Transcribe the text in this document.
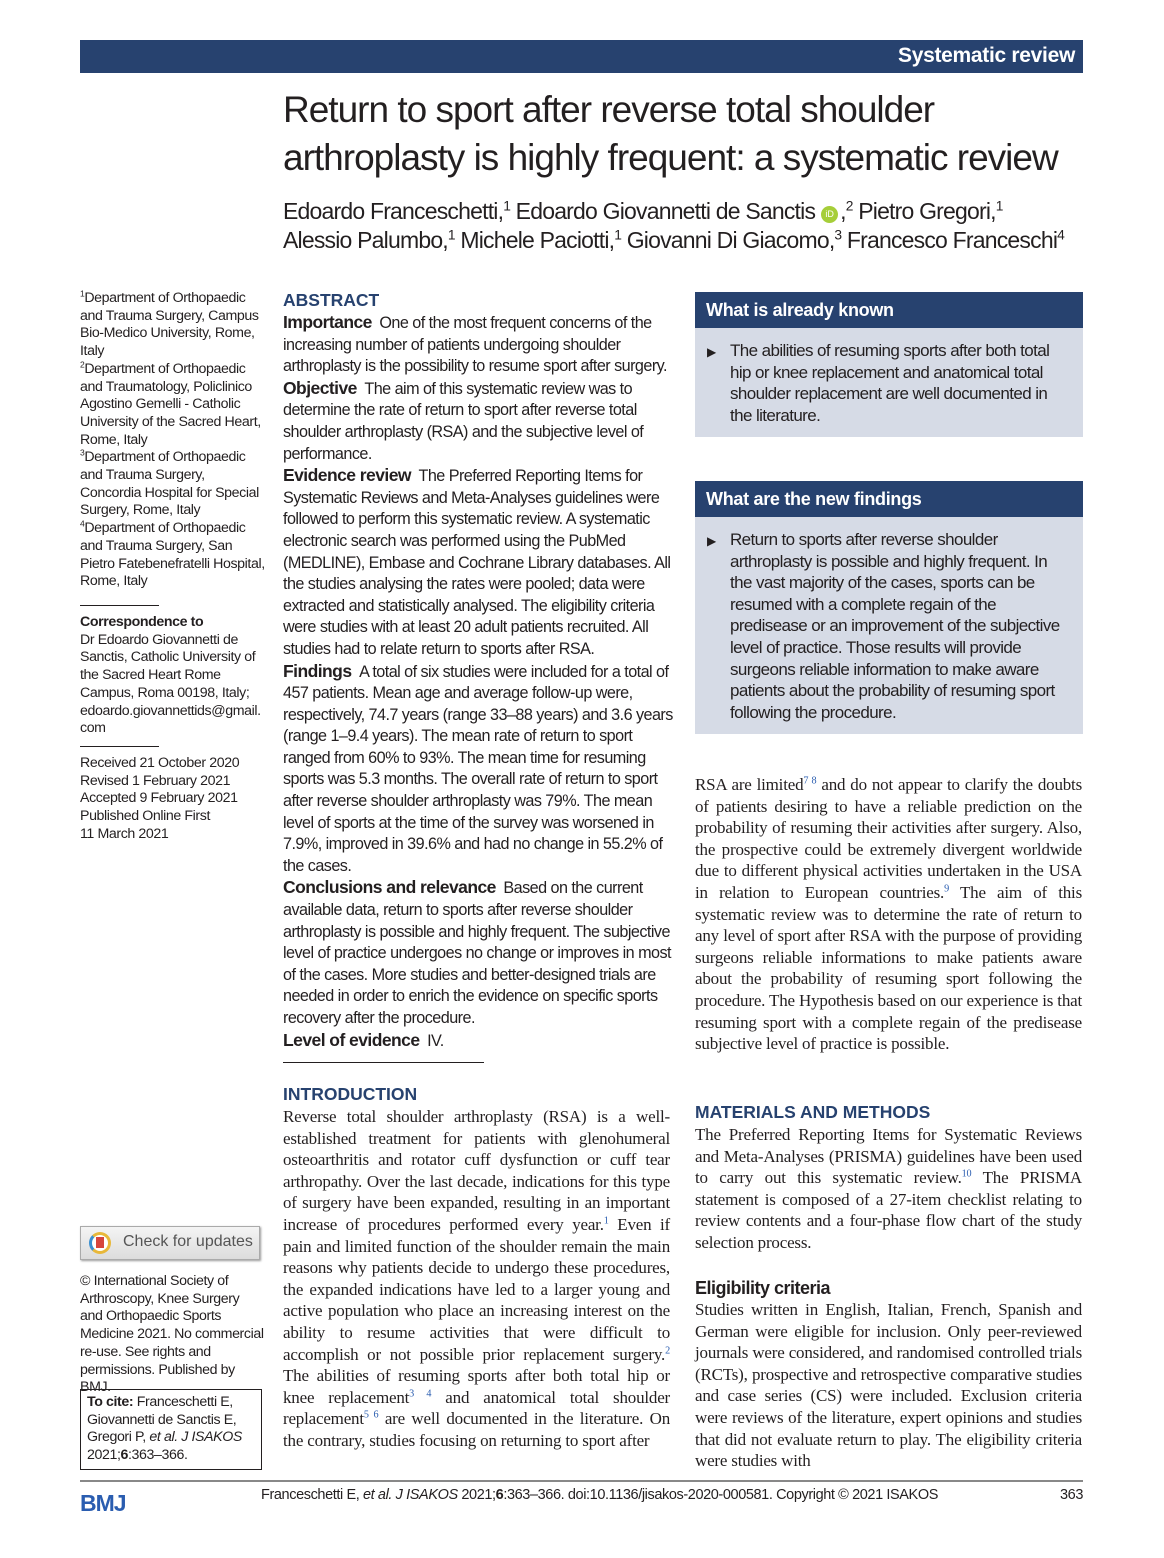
Systematic review
Return to sport after reverse total shoulder arthroplasty is highly frequent: a systematic review
Edoardo Franceschetti,$^1$ Edoardo Giovannetti de Sanctis iD ,$^2$ Pietro Gregori,$^1$
Alessio Palumbo,$^1$ Michele Paciotti,$^1$ Giovanni Di Giacomo,$^3$ Francesco Franceschi$^4$
$^1$Department of Orthopaedic and Trauma Surgery, Campus Bio-Medico University, Rome, Italy
$^2$Department of Orthopaedic and Traumatology, Policlinico Agostino Gemelli - Catholic University of the Sacred Heart, Rome, Italy
$^3$Department of Orthopaedic and Trauma Surgery, Concordia Hospital for Special Surgery, Rome, Italy
$^4$Department of Orthopaedic and Trauma Surgery, San Pietro Fatebenefratelli Hospital, Rome, Italy
Correspondence to
Dr Edoardo Giovannetti de Sanctis, Catholic University of the Sacred Heart Rome Campus, Roma 00198, Italy; edoardo.giovannettids@gmail.com
Received 21 October 2020
Revised 1 February 2021
Accepted 9 February 2021
Published Online First
11 March 2021
Check for updates
© International Society of Arthroscopy, Knee Surgery and Orthopaedic Sports Medicine 2021. No commercial re-use. See rights and permissions. Published by BMJ.
To cite: Franceschetti E, Giovannetti de Sanctis E, Gregori P, et al. J ISAKOS 2021;6:363–366.
ABSTRACT
Importance  One of the most frequent concerns of the increasing number of patients undergoing shoulder arthroplasty is the possibility to resume sport after surgery.
Objective  The aim of this systematic review was to determine the rate of return to sport after reverse total shoulder arthroplasty (RSA) and the subjective level of performance.
Evidence review  The Preferred Reporting Items for Systematic Reviews and Meta-Analyses guidelines were followed to perform this systematic review. A systematic electronic search was performed using the PubMed (MEDLINE), Embase and Cochrane Library databases. All the studies analysing the rates were pooled; data were extracted and statistically analysed. The eligibility criteria were studies with at least 20 adult patients recruited. All studies had to relate return to sports after RSA.
Findings  A total of six studies were included for a total of 457 patients. Mean age and average follow-up were, respectively, 74.7 years (range 33–88 years) and 3.6 years (range 1–9.4 years). The mean rate of return to sport ranged from 60% to 93%. The mean time for resuming sports was 5.3 months. The overall rate of return to sport after reverse shoulder arthroplasty was 79%. The mean level of sports at the time of the survey was worsened in 7.9%, improved in 39.6% and had no change in 55.2% of the cases.
Conclusions and relevance  Based on the current available data, return to sports after reverse shoulder arthroplasty is possible and highly frequent. The subjective level of practice undergoes no change or improves in most of the cases. More studies and better-designed trials are needed in order to enrich the evidence on specific sports recovery after the procedure.
Level of evidence  IV.
What is already known
▶ The abilities of resuming sports after both total hip or knee replacement and anatomical total shoulder replacement are well documented in the literature.
What are the new findings
▶ Return to sports after reverse shoulder arthroplasty is possible and highly frequent. In the vast majority of the cases, sports can be resumed with a complete regain of the predisease or an improvement of the subjective level of practice. Those results will provide surgeons reliable information to make aware patients about the probability of resuming sport following the procedure.
INTRODUCTION

Reverse total shoulder arthroplasty (RSA) is a well-established treatment for patients with glenohumeral osteoarthritis and rotator cuff dysfunction or cuff tear arthropathy. Over the last decade, indications for this type of surgery have been expanded, resulting in an important increase of procedures performed every year.$^1$ Even if pain and limited function of the shoulder remain the main reasons why patients decide to undergo these procedures, the expanded indications have led to a larger young and active population who place an increasing interest on the ability to resume activities that were difficult to accomplish or not possible prior replacement surgery.$^2$ The abilities of resuming sports after both total hip or knee replacement$^{3 4}$ and anatomical total shoulder replacement$^{5 6}$ are well documented in the literature. On the contrary, studies focusing on returning to sport after

RSA are limited$^{7 8}$ and do not appear to clarify the doubts of patients desiring to have a reliable prediction on the probability of resuming their activities after surgery. Also, the prospective could be extremely divergent worldwide due to different physical activities undertaken in the USA in relation to European countries.$^9$ The aim of this systematic review was to determine the rate of return to any level of sport after RSA with the purpose of providing surgeons reliable informations to make patients aware about the probability of resuming sport following the procedure. The Hypothesis based on our experience is that resuming sport with a complete regain of the predisease subjective level of practice is possible.

MATERIALS AND METHODS

The Preferred Reporting Items for Systematic Reviews and Meta-Analyses (PRISMA) guidelines have been used to carry out this systematic review.$^{10}$ The PRISMA statement is composed of a 27-item checklist relating to review contents and a four-phase flow chart of the study selection process.

Eligibility criteria

Studies written in English, Italian, French, Spanish and German were eligible for inclusion. Only peer-reviewed journals were considered, and randomised controlled trials (RCTs), prospective and retrospective comparative studies and case series (CS) were included. Exclusion criteria were reviews of the literature, expert opinions and studies that did not evaluate return to play. The eligibility criteria were studies with

BMJ	Franceschetti E, et al. J ISAKOS 2021;6:363–366. doi:10.1136/jisakos-2020-000581. Copyright © 2021 ISAKOS	363
